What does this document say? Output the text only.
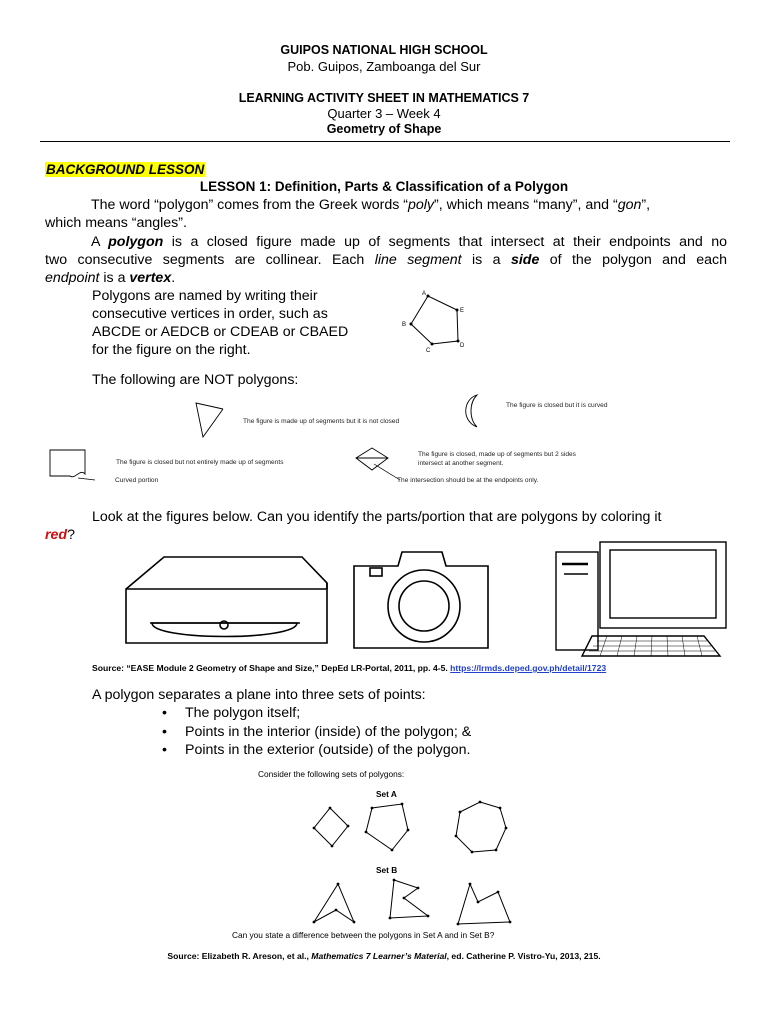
GUIPOS NATIONAL HIGH SCHOOL
Pob. Guipos, Zamboanga del Sur
LEARNING ACTIVITY SHEET IN MATHEMATICS 7
Quarter 3 – Week 4
Geometry of Shape
BACKGROUND LESSON
LESSON 1: Definition, Parts & Classification of a Polygon
The word “polygon” comes from the Greek words “poly”, which means “many”, and “gon”,
which means “angles”.
A polygon is a closed figure made up of segments that intersect at their endpoints and no
two consecutive segments are collinear. Each line segment is a side of the polygon and each
endpoint is a vertex.
Polygons are named by writing their
consecutive vertices in order, such as
ABCDE or AEDCB or CDEAB or CBAED
for the figure on the right.
A
B
C
D
E
The following are NOT polygons:
The figure is made up of segments but it is not closed
The figure is closed but it is curved
The figure is closed but not entirely made up of segments
Curved portion
The figure is closed, made up of segments but 2 sides
intersect at another segment.
The intersection should be at the endpoints only.
Look at the figures below. Can you identify the parts/portion that are polygons by coloring it
red?
Source: “EASE Module 2 Geometry of Shape and Size,” DepEd LR-Portal, 2011, pp. 4-5. https://lrmds.deped.gov.ph/detail/1723
A polygon separates a plane into three sets of points:
• The polygon itself;
• Points in the interior (inside) of the polygon; &
• Points in the exterior (outside) of the polygon.
Consider the following sets of polygons:
Set A
Set B
Can you state a difference between the polygons in Set A and in Set B?
Source: Elizabeth R. Areson, et al., Mathematics 7 Learner’s Material, ed. Catherine P. Vistro-Yu, 2013, 215.
